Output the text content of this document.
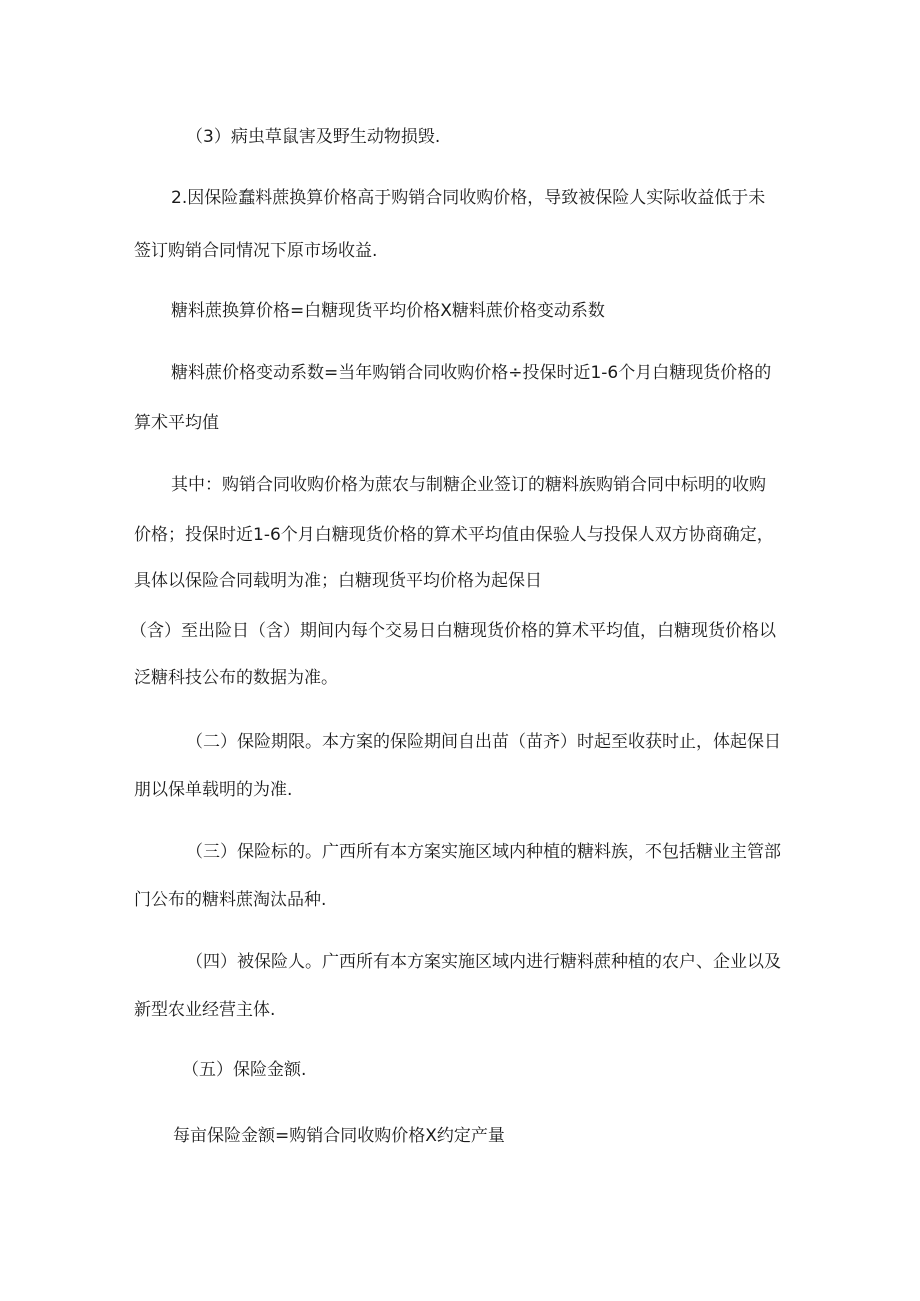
（3）病虫草鼠害及野生动物损毁.
2.因保险蠢料蔗换算价格高于购销合同收购价格，导致被保险人实际收益低于未
签订购销合同情况下原市场收益.
糖料蔗换算价格=白糖现货平均价格X糖料蔗价格变动系数
糖料蔗价格变动系数=当年购销合同收购价格÷投保时近1-6个月白糖现货价格的
算术平均值
其中：购销合同收购价格为蔗农与制糖企业签订的糖料族购销合同中标明的收购
价格；投保时近1-6个月白糖现货价格的算术平均值由保验人与投保人双方协商确定，
具体以保险合同载明为准；白糖现货平均价格为起保日
（含）至出险日（含）期间内每个交易日白糖现货价格的算术平均值，白糖现货价格以
泛糖科技公布的数据为准。
（二）保险期限。本方案的保险期间自出苗（苗齐）时起至收获时止，体起保日
朋以保单载明的为准.
（三）保险标的。广西所有本方案实施区域内种植的糖料族，不包括糖业主管部
门公布的糖料蔗淘汰品种.
（四）被保险人。广西所有本方案实施区域内进行糖料蔗种植的农户、企业以及
新型农业经营主体.
（五）保险金额.
每亩保险金额=购销合同收购价格X约定产量
